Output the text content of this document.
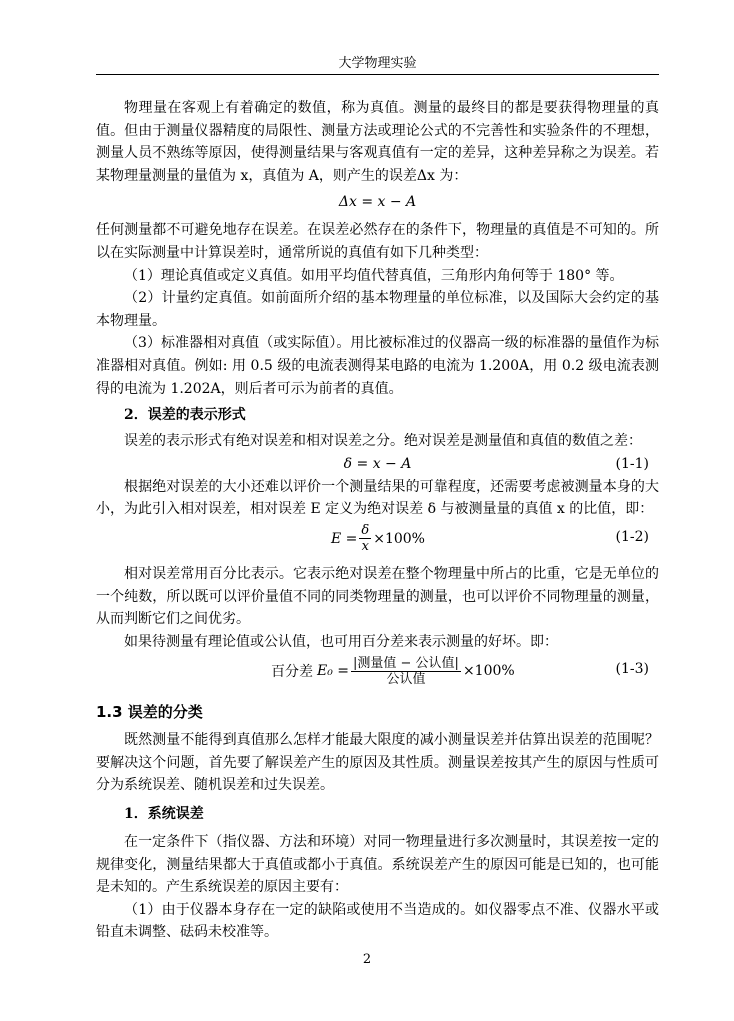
大学物理实验

物理量在客观上有着确定的数值，称为真值。测量的最终目的都是要获得物理量的真值。但由于测量仪器精度的局限性、测量方法或理论公式的不完善性和实验条件的不理想，测量人员不熟练等原因，使得测量结果与客观真值有一定的差异，这种差异称之为误差。若某物理量测量的量值为 x，真值为 A，则产生的误差Δx 为：

Δx = x − A

任何测量都不可避免地存在误差。在误差必然存在的条件下，物理量的真值是不可知的。所以在实际测量中计算误差时，通常所说的真值有如下几种类型：

（1）理论真值或定义真值。如用平均值代替真值，三角形内角何等于 180° 等。

（2）计量约定真值。如前面所介绍的基本物理量的单位标准，以及国际大会约定的基本物理量。

（3）标准器相对真值（或实际值）。用比被标准过的仪器高一级的标准器的量值作为标准器相对真值。例如: 用 0.5 级的电流表测得某电路的电流为 1.200A，用 0.2 级电流表测得的电流为 1.202A，则后者可示为前者的真值。

2．误差的表示形式

误差的表示形式有绝对误差和相对误差之分。绝对误差是测量值和真值的数值之差：

δ = x − A	(1-1)

根据绝对误差的大小还难以评价一个测量结果的可靠程度，还需要考虑被测量本身的大小，为此引入相对误差，相对误差 E 定义为绝对误差 δ 与被测量量的真值 x 的比值，即：

$E = \frac{\delta}{x} \times 100\%$	(1-2)

相对误差常用百分比表示。它表示绝对误差在整个物理量中所占的比重，它是无单位的一个纯数，所以既可以评价量值不同的同类物理量的测量，也可以评价不同物理量的测量，从而判断它们之间优劣。

如果待测量有理论值或公认值，也可用百分差来表示测量的好坏。即：

百分差 $E_0 = \frac{\text{|测量值 − 公认值|}}{\text{公认值}} \times 100\%$	(1-3)

1.3 误差的分类

既然测量不能得到真值那么怎样才能最大限度的减小测量误差并估算出误差的范围呢？要解决这个问题，首先要了解误差产生的原因及其性质。测量误差按其产生的原因与性质可分为系统误差、随机误差和过失误差。

1．系统误差

在一定条件下（指仪器、方法和环境）对同一物理量进行多次测量时，其误差按一定的规律变化，测量结果都大于真值或都小于真值。系统误差产生的原因可能是已知的，也可能是未知的。产生系统误差的原因主要有：

（1）由于仪器本身存在一定的缺陷或使用不当造成的。如仪器零点不准、仪器水平或铅直未调整、砝码未校准等。

2
